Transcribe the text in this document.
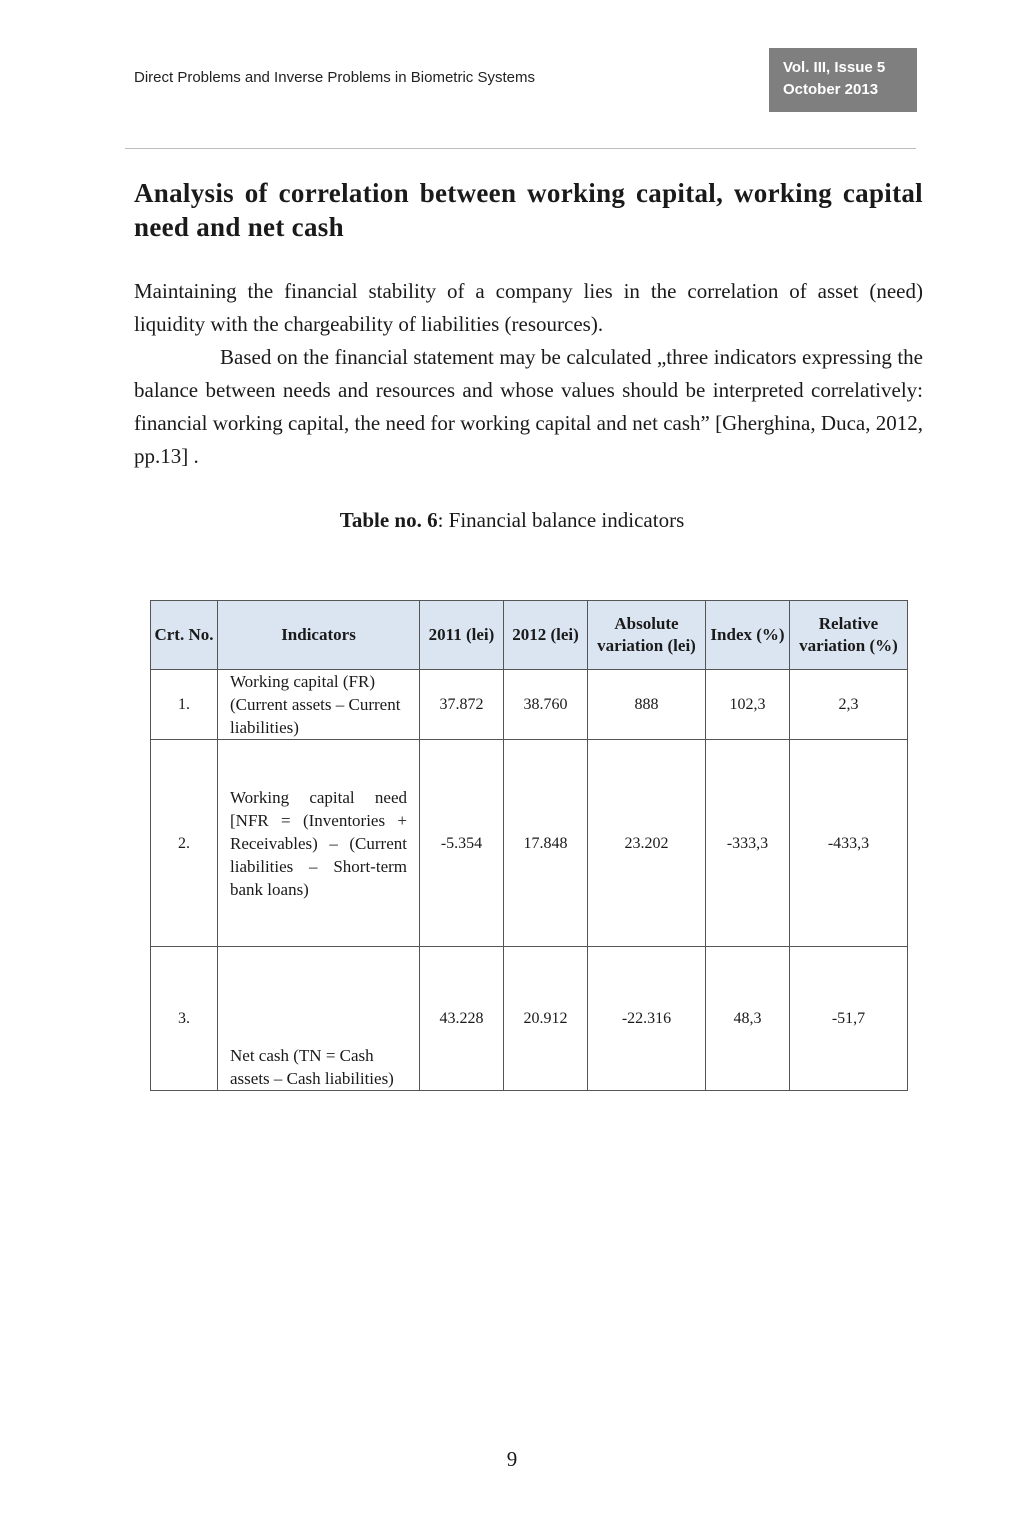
Direct Problems and Inverse Problems in Biometric Systems
Vol. III, Issue 5
October 2013
Analysis of correlation between working capital, working capital need and net cash

Maintaining the financial stability of a company lies in the correlation of asset (need) liquidity with the chargeability of liabilities (resources).

Based on the financial statement may be calculated „three indicators expressing the balance between needs and resources and whose values should be interpreted correlatively: financial working capital, the need for working capital and net cash” [Gherghina, Duca, 2012, pp.13] .

Table no. 6: Financial balance indicators
Crt. No.	Indicators	2011 (lei)	2012 (lei)	Absolute variation (lei)	Index (%)	Relative variation (%)
1.	Working capital (FR) (Current assets – Current liabilities)	37.872	38.760	888	102,3	2,3
2.	Working capital need [NFR = (Inventories + Receivables) – (Current liabilities – Short-term bank loans)	-5.354	17.848	23.202	-333,3	-433,3
3.	Net cash (TN = Cash assets – Cash liabilities)	43.228	20.912	-22.316	48,3	-51,7
9
